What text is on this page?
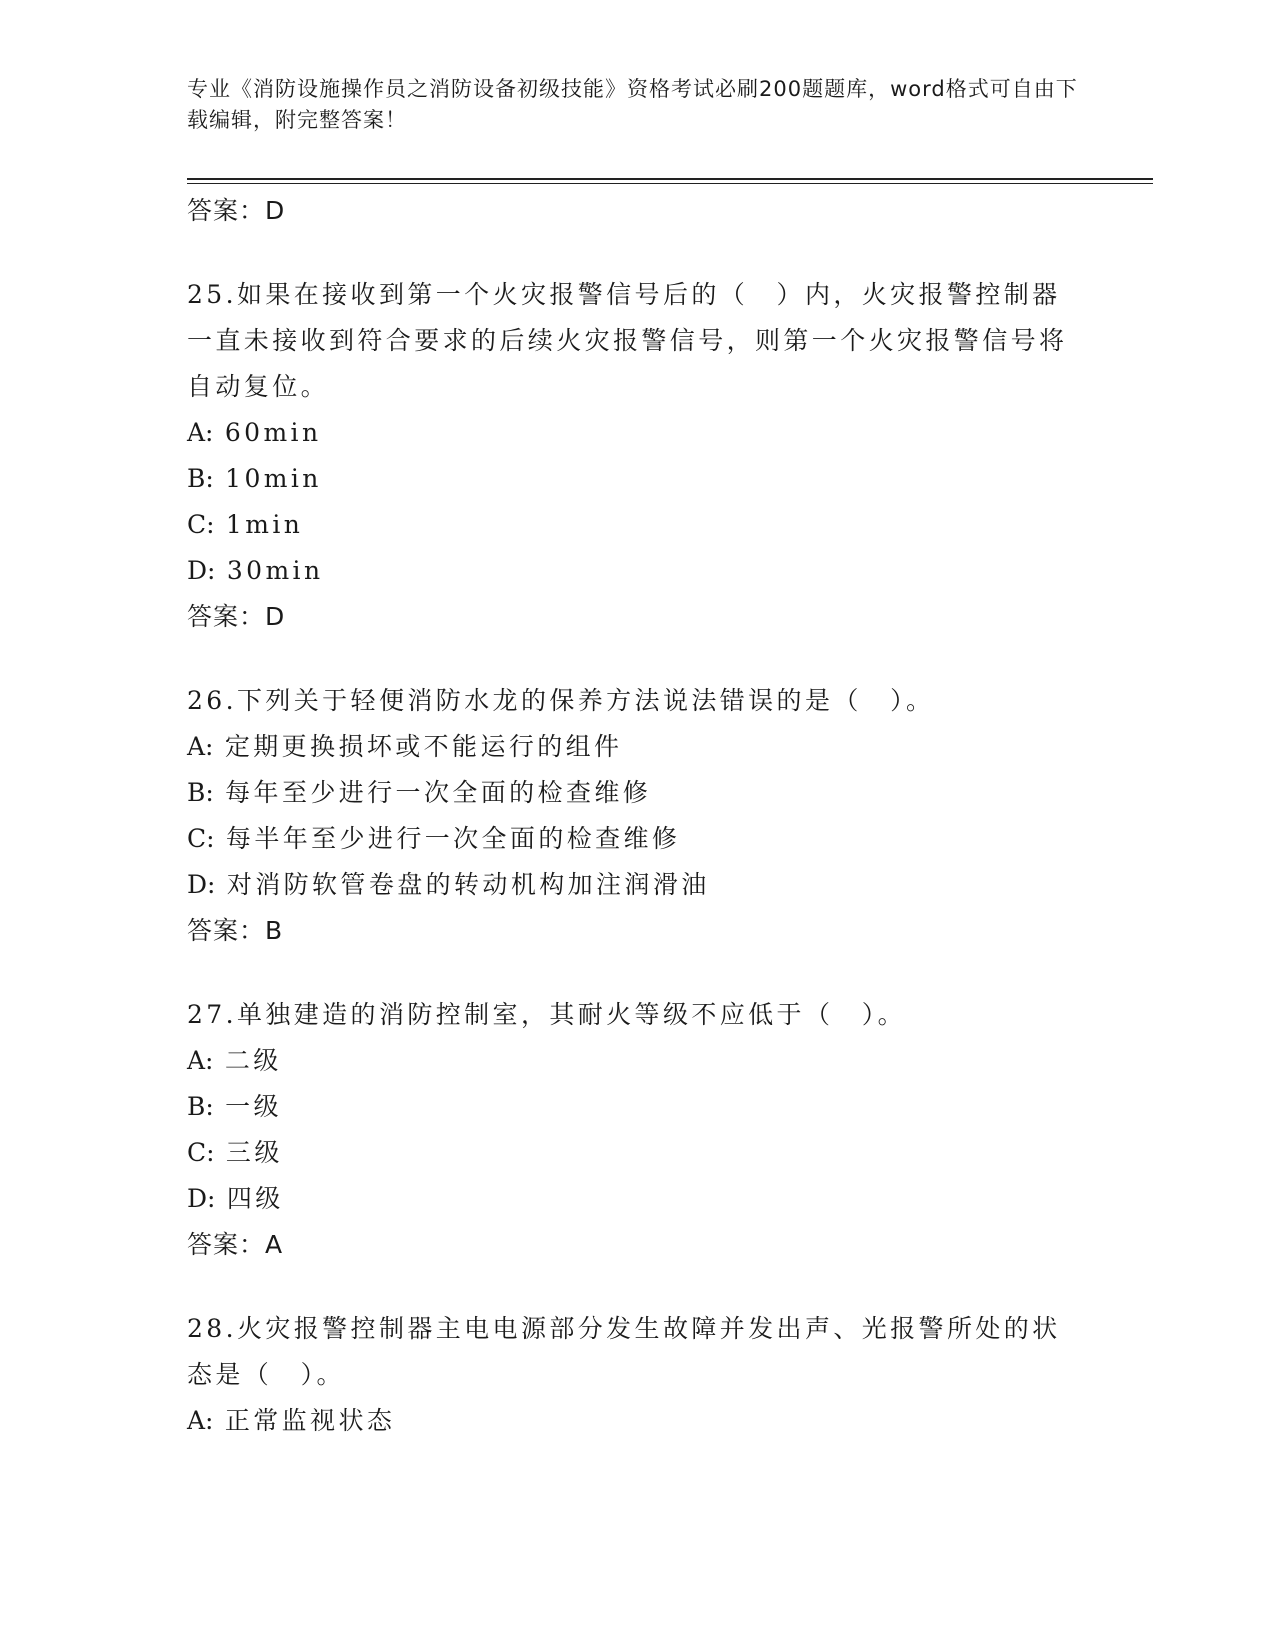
专业《消防设施操作员之消防设备初级技能》资格考试必刷200题题库，word格式可自由下载编辑，附完整答案！
答案：D
25.如果在接收到第一个火灾报警信号后的（　）内，火灾报警控制器一直未接收到符合要求的后续火灾报警信号，则第一个火灾报警信号将自动复位。
A: 60min
B: 10min
C: 1min
D: 30min
答案：D
26.下列关于轻便消防水龙的保养方法说法错误的是（　）。
A: 定期更换损坏或不能运行的组件
B: 每年至少进行一次全面的检查维修
C: 每半年至少进行一次全面的检查维修
D: 对消防软管卷盘的转动机构加注润滑油
答案：B
27.单独建造的消防控制室，其耐火等级不应低于（　）。
A: 二级
B: 一级
C: 三级
D: 四级
答案：A
28.火灾报警控制器主电电源部分发生故障并发出声、光报警所处的状态是（　）。
A: 正常监视状态
